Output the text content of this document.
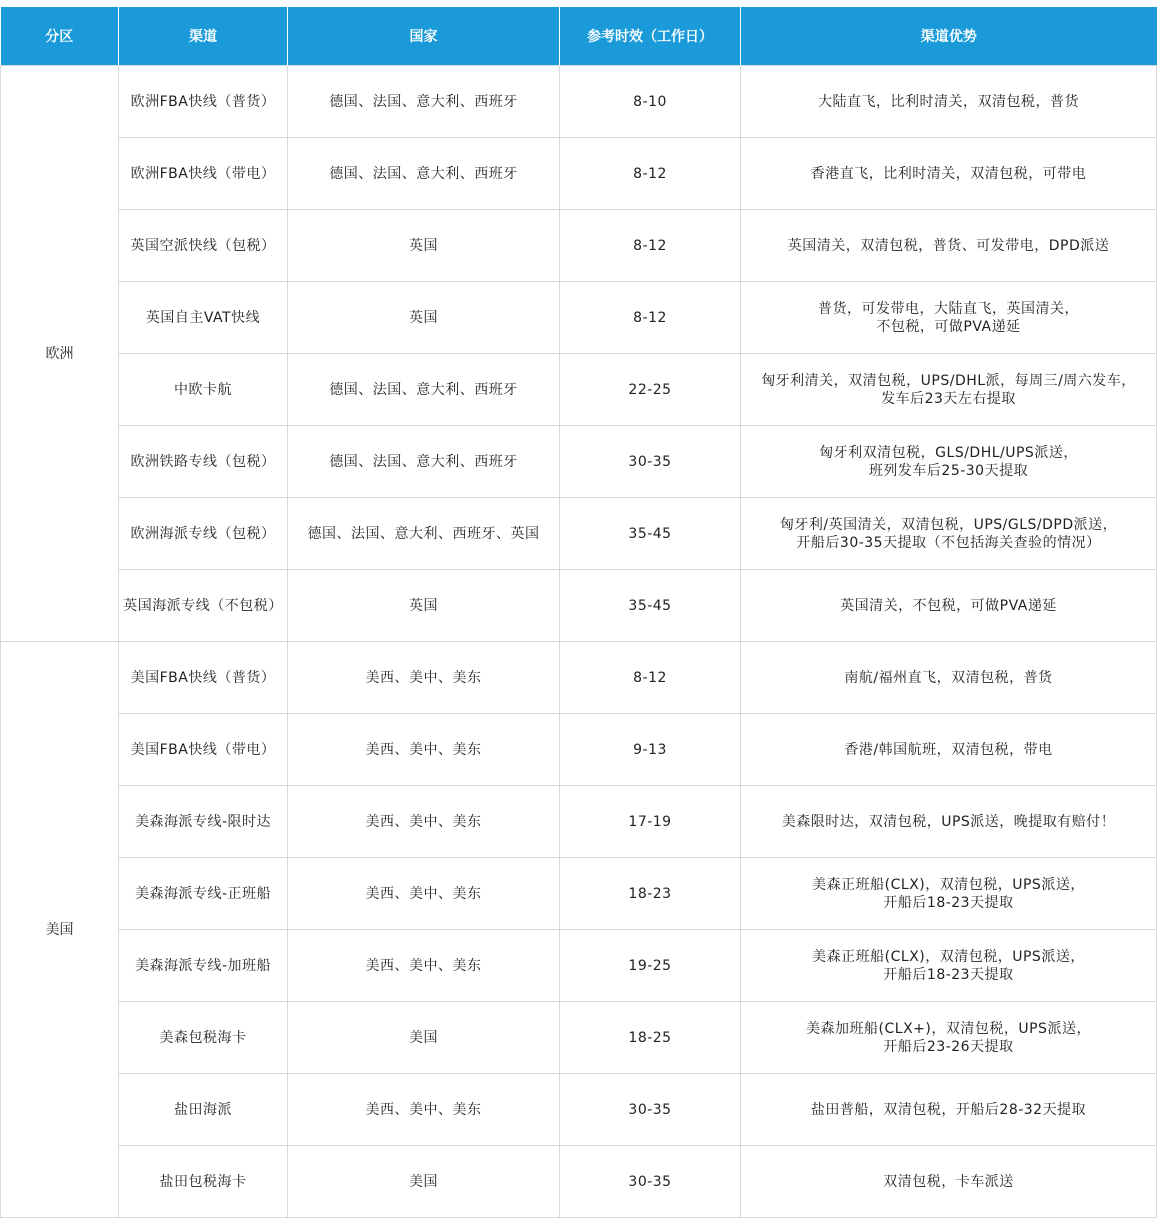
分区	渠道	国家	参考时效（工作日）	渠道优势
欧洲	欧洲FBA快线（普货）	德国、法国、意大利、西班牙	8-10	大陆直飞，比利时清关，双清包税，普货

	欧洲FBA快线（带电）	德国、法国、意大利、西班牙	8-12	香港直飞，比利时清关，双清包税，可带电

	英国空派快线（包税）	英国	8-12	英国清关，双清包税，普货、可发带电，DPD派送

	英国自主VAT快线	英国	8-12	普货，可发带电，大陆直飞，英国清关，
不包税，可做PVA递延

	中欧卡航	德国、法国、意大利、西班牙	22-25	匈牙利清关，双清包税，UPS/DHL派，每周三/周六发车，
发车后23天左右提取

	欧洲铁路专线（包税）	德国、法国、意大利、西班牙	30-35	匈牙利双清包税，GLS/DHL/UPS派送，
班列发车后25-30天提取

	欧洲海派专线（包税）	德国、法国、意大利、西班牙、英国	35-45	匈牙利/英国清关，双清包税，UPS/GLS/DPD派送，
开船后30-35天提取（不包括海关查验的情况）

	英国海派专线（不包税）	英国	35-45	英国清关，不包税，可做PVA递延

美国	美国FBA快线（普货）	美西、美中、美东	8-12	南航/福州直飞，双清包税，普货

	美国FBA快线（带电）	美西、美中、美东	9-13	香港/韩国航班，双清包税，带电

	美森海派专线-限时达	美西、美中、美东	17-19	美森限时达，双清包税，UPS派送，晚提取有赔付！

	美森海派专线-正班船	美西、美中、美东	18-23	美森正班船(CLX)，双清包税，UPS派送，
开船后18-23天提取

	美森海派专线-加班船	美西、美中、美东	19-25	美森正班船(CLX)，双清包税，UPS派送，
开船后18-23天提取

	美森包税海卡	美国	18-25	美森加班船(CLX+)，双清包税，UPS派送，
开船后23-26天提取

	盐田海派	美西、美中、美东	30-35	盐田普船，双清包税，开船后28-32天提取

	盐田包税海卡	美国	30-35	双清包税，卡车派送
